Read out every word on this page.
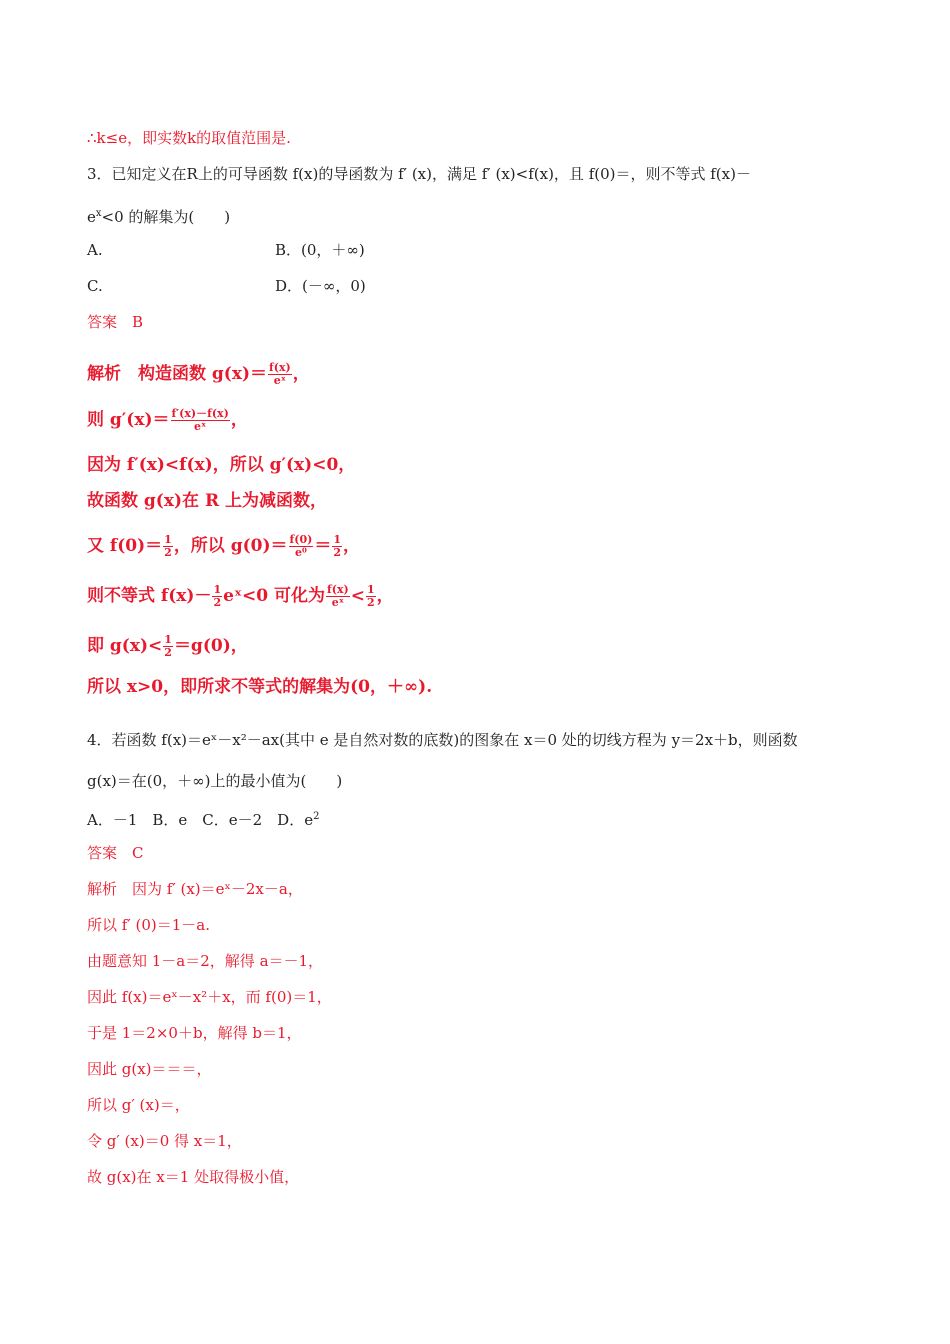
∴k≤e，即实数k的取值范围是.
3．已知定义在R上的可导函数 f(x)的导函数为 f′ (x)，满足 f′ (x)<f(x)，且 f(0)＝，则不等式 f(x)－
$e^x<0$ 的解集为(　　)
A.	B．(0，＋∞)
C.	D．(－∞，0)
答案　B
解析　构造函数 $g(x)= \frac{f(x)}{\text{eˣ}}$ ，
则 $g'(x)= \frac{f'(x)-f(x)}{\text{eˣ}}$ ，
因为 f′(x)<f(x)，所以 g′(x)<0，
故函数 g(x)在 R 上为减函数，
又 $f(0)= \frac{1}{2}$ ，所以 $g(0)= \frac{f(0)}{\text{e⁰}} = \frac{1}{2}$ ，
则不等式 $f(x)- \frac{1}{2}$ eˣ<0 可化为 $\frac{f(x)}{\text{eˣ}} < \frac{1}{2}$ ，
即 $g(x)< \frac{1}{2} =g(0)$，
所以 x>0，即所求不等式的解集为(0，＋∞).
4．若函数 f(x)＝eˣ－x²－ax(其中 e 是自然对数的底数)的图象在 x＝0 处的切线方程为 y＝2x＋b，则函数
g(x)＝在(0，＋∞)上的最小值为(　　)
A．－1　B．e　C．e－2　D．$e^2$
答案　C
解析　因为 f′ (x)＝eˣ－2x－a，
所以 f′ (0)＝1－a.
由题意知 1－a＝2，解得 a＝－1，
因此 f(x)＝eˣ－x²＋x，而 f(0)＝1，
于是 1＝2×0＋b，解得 b＝1，
因此 g(x)＝＝＝，
所以 g′ (x)＝，
令 g′ (x)＝0 得 x＝1，
故 g(x)在 x＝1 处取得极小值，
